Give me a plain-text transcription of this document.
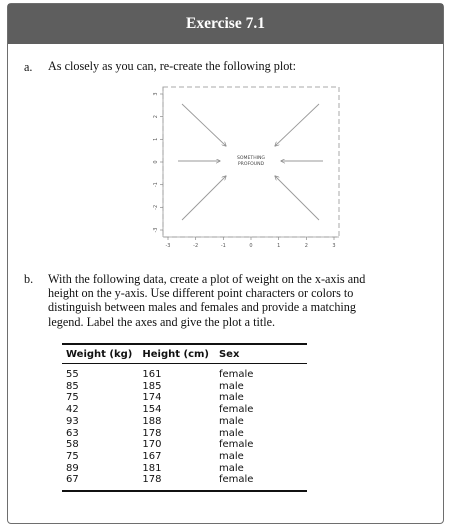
Exercise 7.1
a. As closely as you can, re-create the following plot:
-3	-2	-1	0	1	2	3
-3
-2
-1
0
1
2
3
SOMETHING
PROFOUND
b. With the following data, create a plot of weight on the x-axis and
height on the y-axis. Use different point characters or colors to
distinguish between males and females and provide a matching
legend. Label the axes and give the plot a title.
Weight (kg)	Height (cm)	Sex
55	161	female
85	185	male
75	174	male
42	154	female
93	188	male
63	178	male
58	170	female
75	167	male
89	181	male
67	178	female
